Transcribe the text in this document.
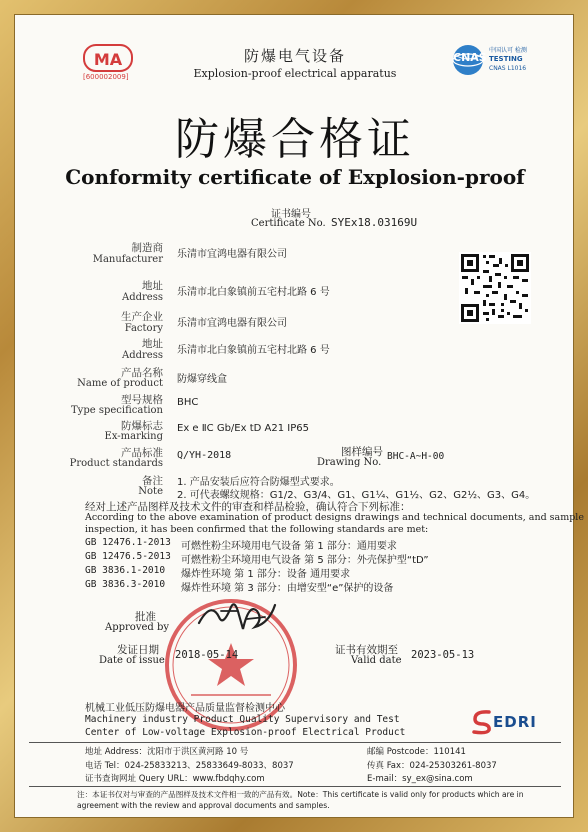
MA
[600002009]
CNAS
中国认可 检测
TESTING
CNAS L1016
防爆电气设备
Explosion-proof electrical apparatus
防爆合格证
Conformity certificate of Explosion-proof
证书编号
Certificate No. SYEx18.03169U
制造商
Manufacturer 乐清市宜鸿电器有限公司
地址
Address 乐清市北白象镇前五宅村北路 6 号
生产企业
Factory 乐清市宜鸿电器有限公司
地址
Address 乐清市北白象镇前五宅村北路 6 号
产品名称
Name of product 防爆穿线盒
型号规格
Type specification
BHC
防爆标志
Ex-marking
Ex e ⅡC Gb/Ex tD A21 IP65
产品标准
Product standards
Q/YH-2018	图样编号
Drawing No.
BHC-A~H-00
备注
Note
1. 产品安装后应符合防爆型式要求。
2. 可代表螺纹规格：G1/2、G3/4、G1、G1¼、G1½、G2、G2½、G3、G4。
经对上述产品图样及技术文件的审查和样品检验，确认符合下列标准：
According to the above examination of product designs drawings and technical documents, and sample
inspection, it has been confirmed that the following standards are met:
GB 12476.1-2013 可燃性粉尘环境用电气设备 第 1 部分：通用要求
GB 12476.5-2013 可燃性粉尘环境用电气设备 第 5 部分：外壳保护型“tD”
GB 3836.1-2010 爆炸性环境 第 1 部分：设备 通用要求
GB 3836.3-2010 爆炸性环境 第 3 部分：由增安型“e”保护的设备
批准
Approved by
发证日期
Date of issue 2018-05-14	证书有效期至
Valid date 2023-05-13
机械工业低压防爆电器产品质量监督检测中心
Machinery industry Product Quality Supervisory and Test
Center of Low-voltage Explosion-proof Electrical Product
EDRI
地址 Address：沈阳市于洪区黄河路 10 号	邮编 Postcode：110141
电话 Tel：024-25833213、25833649-8033、8037	传真 Fax：024-25303261-8037
证书查询网址 Query URL：www.fbdqhy.com	E-mail：sy_ex@sina.com
注：本证书仅对与审查的产品图样及技术文件相一致的产品有效。Note：This certificate is valid only for products which are in
agreement with the review and approval documents and samples.
